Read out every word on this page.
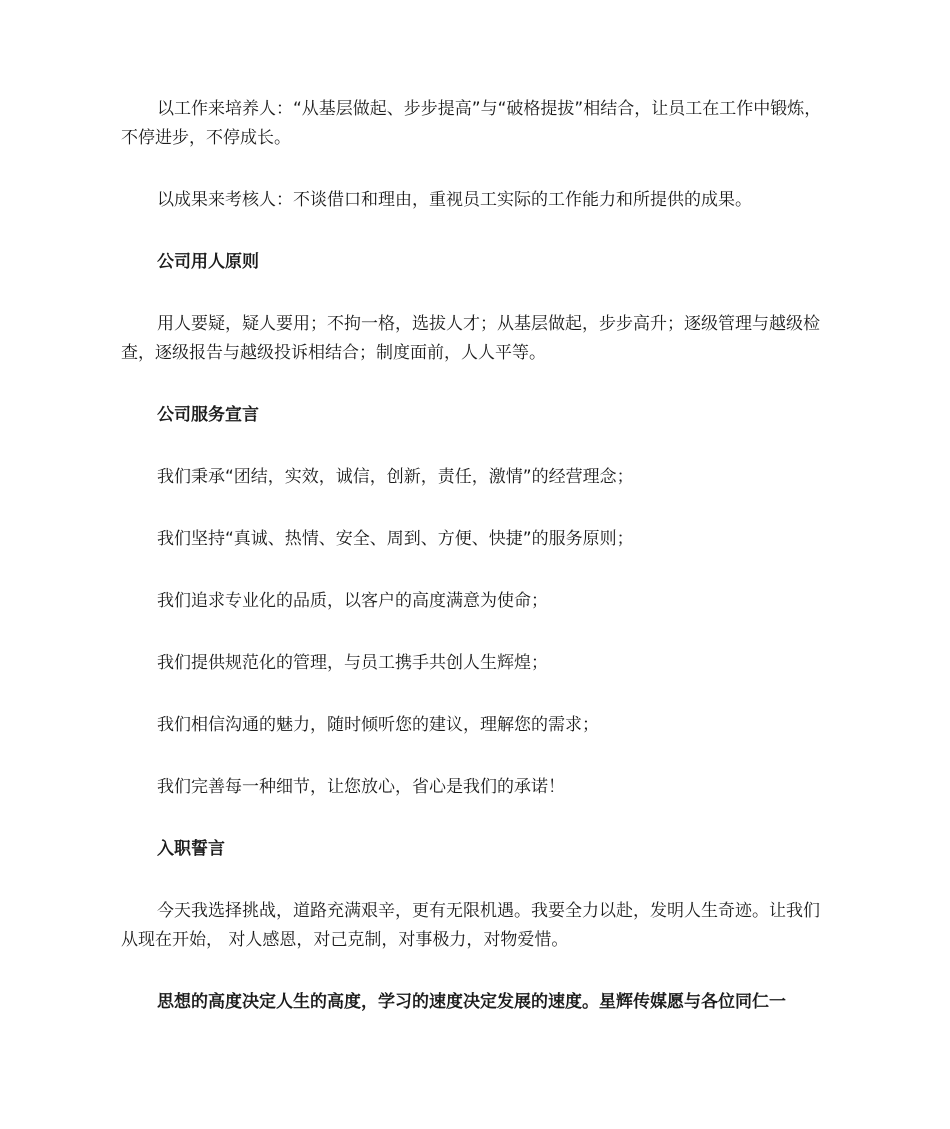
以工作来培养人：“从基层做起、步步提高”与“破格提拔”相结合，让员工在工作中锻炼，不停进步，不停成长。

以成果来考核人：不谈借口和理由，重视员工实际的工作能力和所提供的成果。

公司用人原则

用人要疑，疑人要用；不拘一格，选拔人才；从基层做起，步步高升；逐级管理与越级检查，逐级报告与越级投诉相结合；制度面前，人人平等。

公司服务宣言

我们秉承“团结，实效，诚信，创新，责任，激情”的经营理念；

我们坚持“真诚、热情、安全、周到、方便、快捷”的服务原则；

我们追求专业化的品质，以客户的高度满意为使命；

我们提供规范化的管理，与员工携手共创人生辉煌；

我们相信沟通的魅力，随时倾听您的建议，理解您的需求；

我们完善每一种细节，让您放心，省心是我们的承诺！

入职誓言

今天我选择挑战，道路充满艰辛，更有无限机遇。我要全力以赴，发明人生奇迹。让我们从现在开始， 对人感恩，对己克制，对事极力，对物爱惜。

思想的高度决定人生的高度，学习的速度决定发展的速度。星辉传媒愿与各位同仁一
